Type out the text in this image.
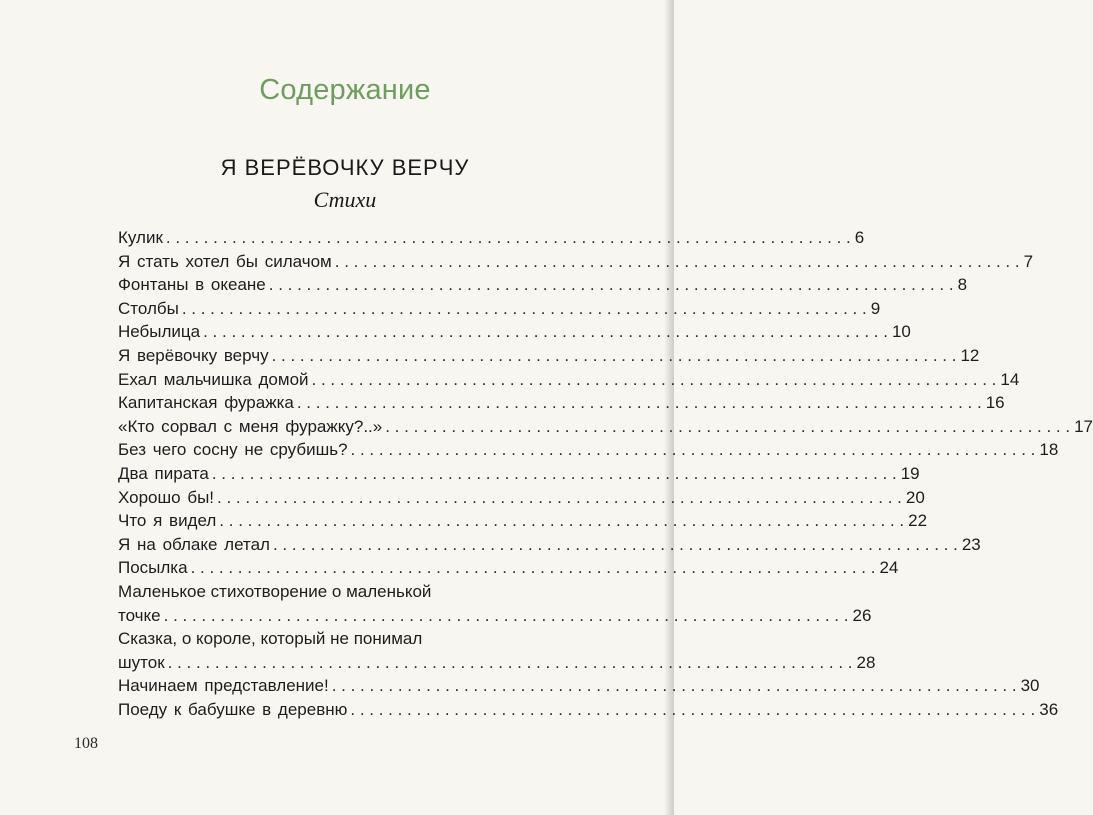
Содержание
Я ВЕРЁВОЧКУ ВЕРЧУ
Стихи
Кулик . . .	6
Я стать хотел бы силачом . . .	7
Фонтаны в океане . . .	8
Столбы . . .	9
Небылица . . .	10
Я верёвочку верчу . . .	12
Ехал мальчишка домой . . .	14
Капитанская фуражка . . .	16
«Кто сорвал с меня фуражку?..» . . .	17
Без чего сосну не срубишь? . . .	18
Два пирата . . .	19
Хорошо бы! . . .	20
Что я видел . . .	22
Я на облаке летал . . .	23
Посылка . . .	24
Маленькое стихотворение о маленькой
точке . . .	26
Сказка, о короле, который не понимал
шуток . . .	28
Начинаем представление! . . .	30
Поеду к бабушке в деревню . . .	36
108
